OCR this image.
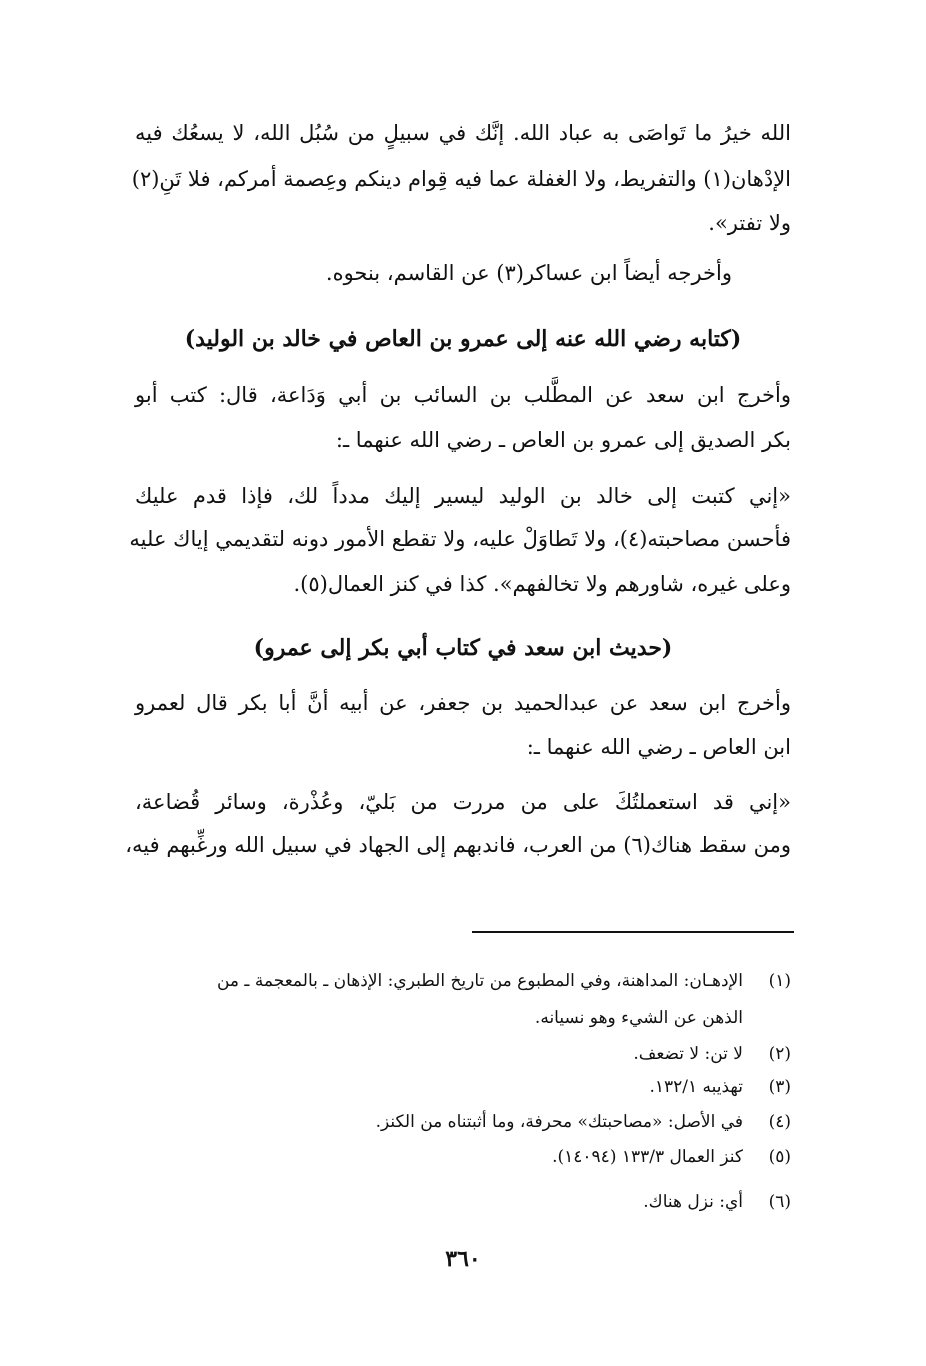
الله خيرُ ما تَواصَى به عباد الله. إنَّك في سبيلٍ من سُبُل الله، لا يسعُك فيه
الإدْهان(١) والتفريط، ولا الغفلة عما فيه قِوام دينكم وعِصمة أمركم، فلا تَنِ(٢)
ولا تفتر».
وأخرجه أيضاً ابن عساكر(٣) عن القاسم، بنحوه.
(كتابه رضي الله عنه إلى عمرو بن العاص في خالد بن الوليد)
وأخرج ابن سعد عن المطَّلب بن السائب بن أبي وَدَاعة، قال: كتب أبو
بكر الصديق إلى عمرو بن العاص ـ رضي الله عنهما ـ:
«إني كتبت إلى خالد بن الوليد ليسير إليك مدداً لك، فإذا قدم عليك
فأحسن مصاحبته(٤)، ولا تَطاوَلْ عليه، ولا تقطع الأمور دونه لتقديمي إياك عليه
وعلى غيره، شاورهم ولا تخالفهم». كذا في كنز العمال(٥).
(حديث ابن سعد في كتاب أبي بكر إلى عمرو)
وأخرج ابن سعد عن عبدالحميد بن جعفر، عن أبيه أنَّ أبا بكر قال لعمرو
ابن العاص ـ رضي الله عنهما ـ:
«إني قد استعملتُكَ على من مررت من بَليّ، وعُذْرة، وسائر قُضاعة،
ومن سقط هناك(٦) من العرب، فاندبهم إلى الجهاد في سبيل الله ورغِّبهم فيه،
(١)الإدهـان: المداهنة، وفي المطبوع من تاريخ الطبري: الإذهان ـ بالمعجمة ـ من
الذهن عن الشيء وهو نسيانه.
(٢)لا تن: لا تضعف.
(٣)تهذيبه ١٣٢/١.
(٤)في الأصل: «مصاحبتك» محرفة، وما أثبتناه من الكنز.
(٥)كنز العمال ١٣٣/٣ (١٤٠٩٤).
(٦)أي: نزل هناك.
٣٦٠
